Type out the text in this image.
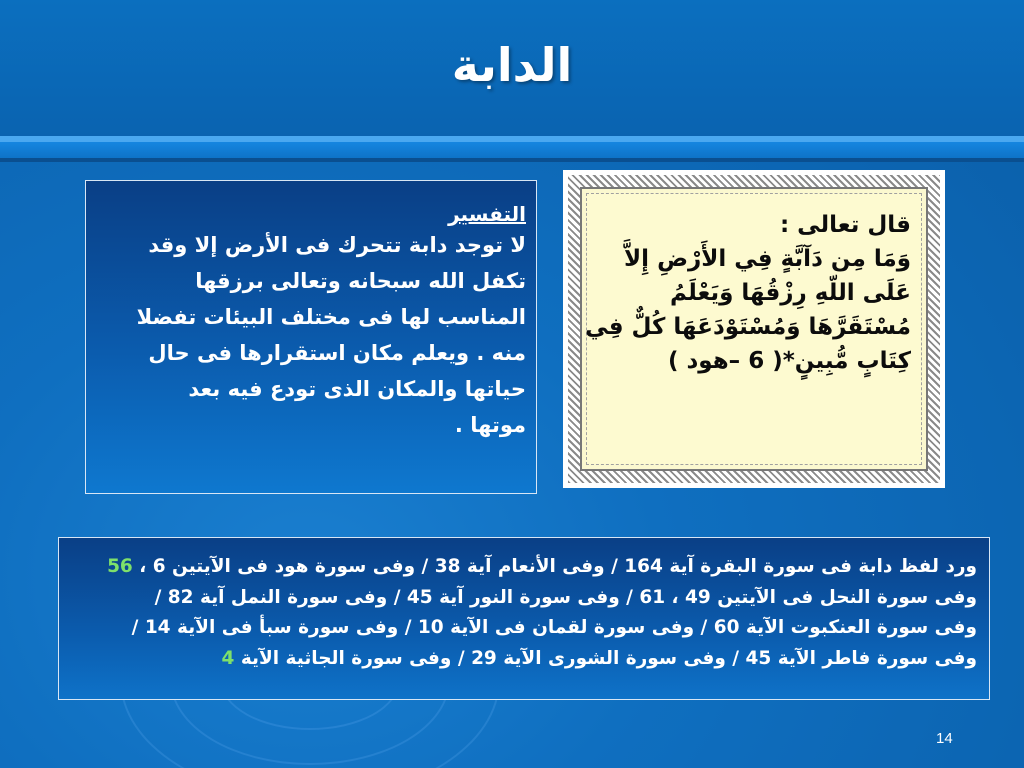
الدابة
التفسير
لا توجد دابة تتحرك فى الأرض إلا وقد
تكفل الله سبحانه وتعالى برزقها
المناسب لها فى مختلف البيئات تفضلا
منه . ويعلم مكان استقرارها فى حال
حياتها والمكان الذى تودع فيه بعد
موتها .
قال تعالى :
وَمَا مِن دَآبَّةٍ فِي الأَرْضِ إِلاَّ
عَلَى اللّهِ رِزْقُهَا وَيَعْلَمُ
مُسْتَقَرَّهَا وَمُسْتَوْدَعَهَا كُلٌّ فِي
كِتَابٍ مُّبِينٍ*( 6 –هود )
ورد لفظ دابة فى سورة البقرة آية 164 / وفى الأنعام آية 38 / وفى سورة هود فى الآيتين 6 ، 56
وفى سورة النحل فى الآيتين 49 ، 61 / وفى سورة النور آية 45 / وفى سورة النمل آية 82 /
وفى سورة العنكبوت الآية 60 / وفى سورة لقمان فى الآية 10 / وفى سورة سبأ فى الآية 14 /
وفى سورة فاطر الآية 45 / وفى سورة الشورى الآية 29 / وفى سورة الجاثية الآية 4
14
